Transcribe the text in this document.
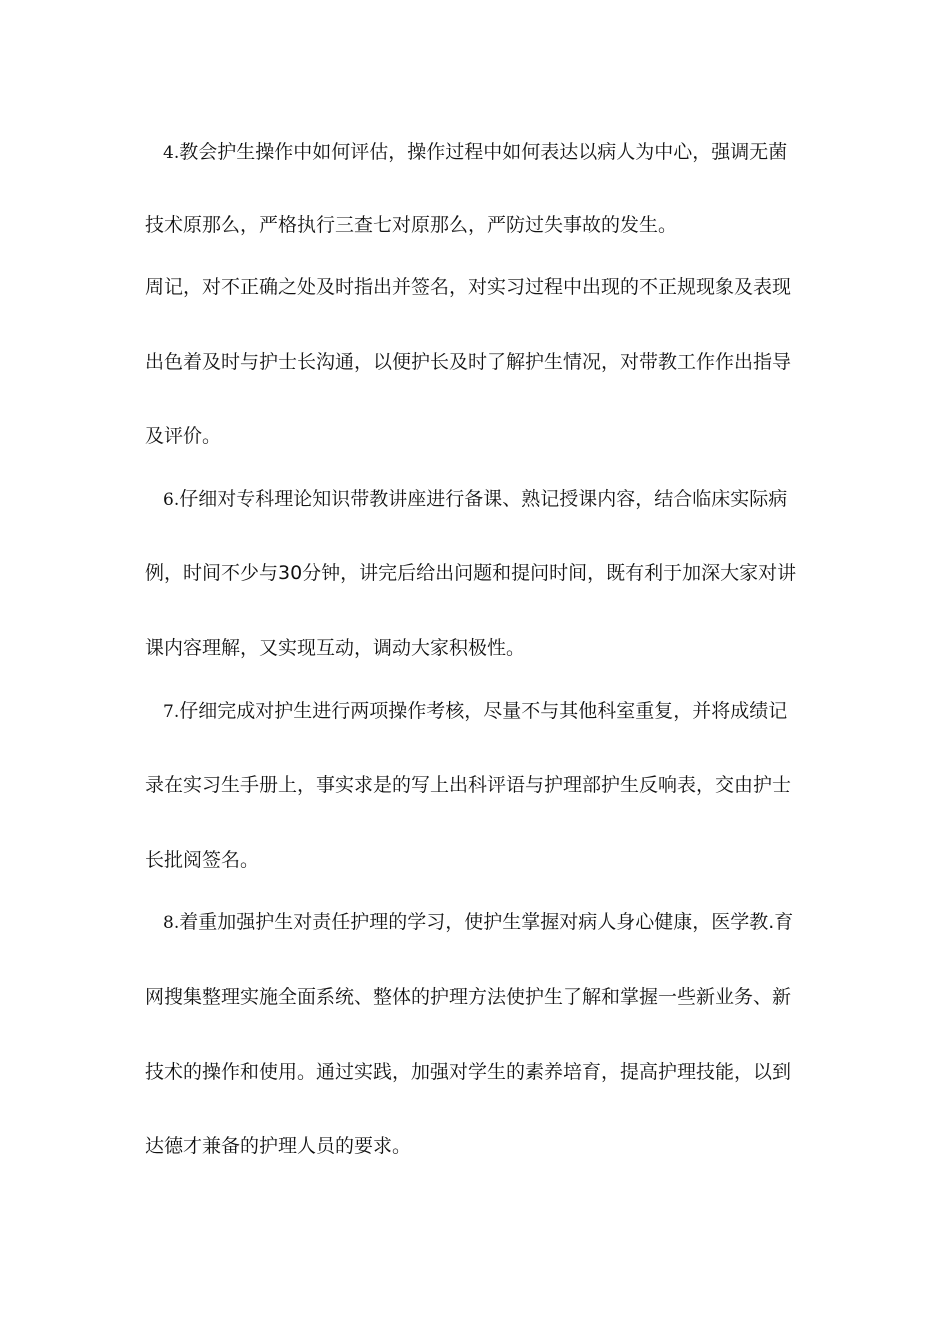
4.教会护生操作中如何评估，操作过程中如何表达以病人为中心，强调无菌
技术原那么，严格执行三查七对原那么，严防过失事故的发生。
周记，对不正确之处及时指出并签名，对实习过程中出现的不正规现象及表现
出色着及时与护士长沟通，以便护长及时了解护生情况，对带教工作作出指导
及评价。
6.仔细对专科理论知识带教讲座进行备课、熟记授课内容，结合临床实际病
例，时间不少与30分钟，讲完后给出问题和提问时间，既有利于加深大家对讲
课内容理解，又实现互动，调动大家积极性。
7.仔细完成对护生进行两项操作考核，尽量不与其他科室重复，并将成绩记
录在实习生手册上，事实求是的写上出科评语与护理部护生反响表，交由护士
长批阅签名。
8.着重加强护生对责任护理的学习，使护生掌握对病人身心健康，医学教.育
网搜集整理实施全面系统、整体的护理方法使护生了解和掌握一些新业务、新
技术的操作和使用。通过实践，加强对学生的素养培育，提高护理技能，以到
达德才兼备的护理人员的要求。
